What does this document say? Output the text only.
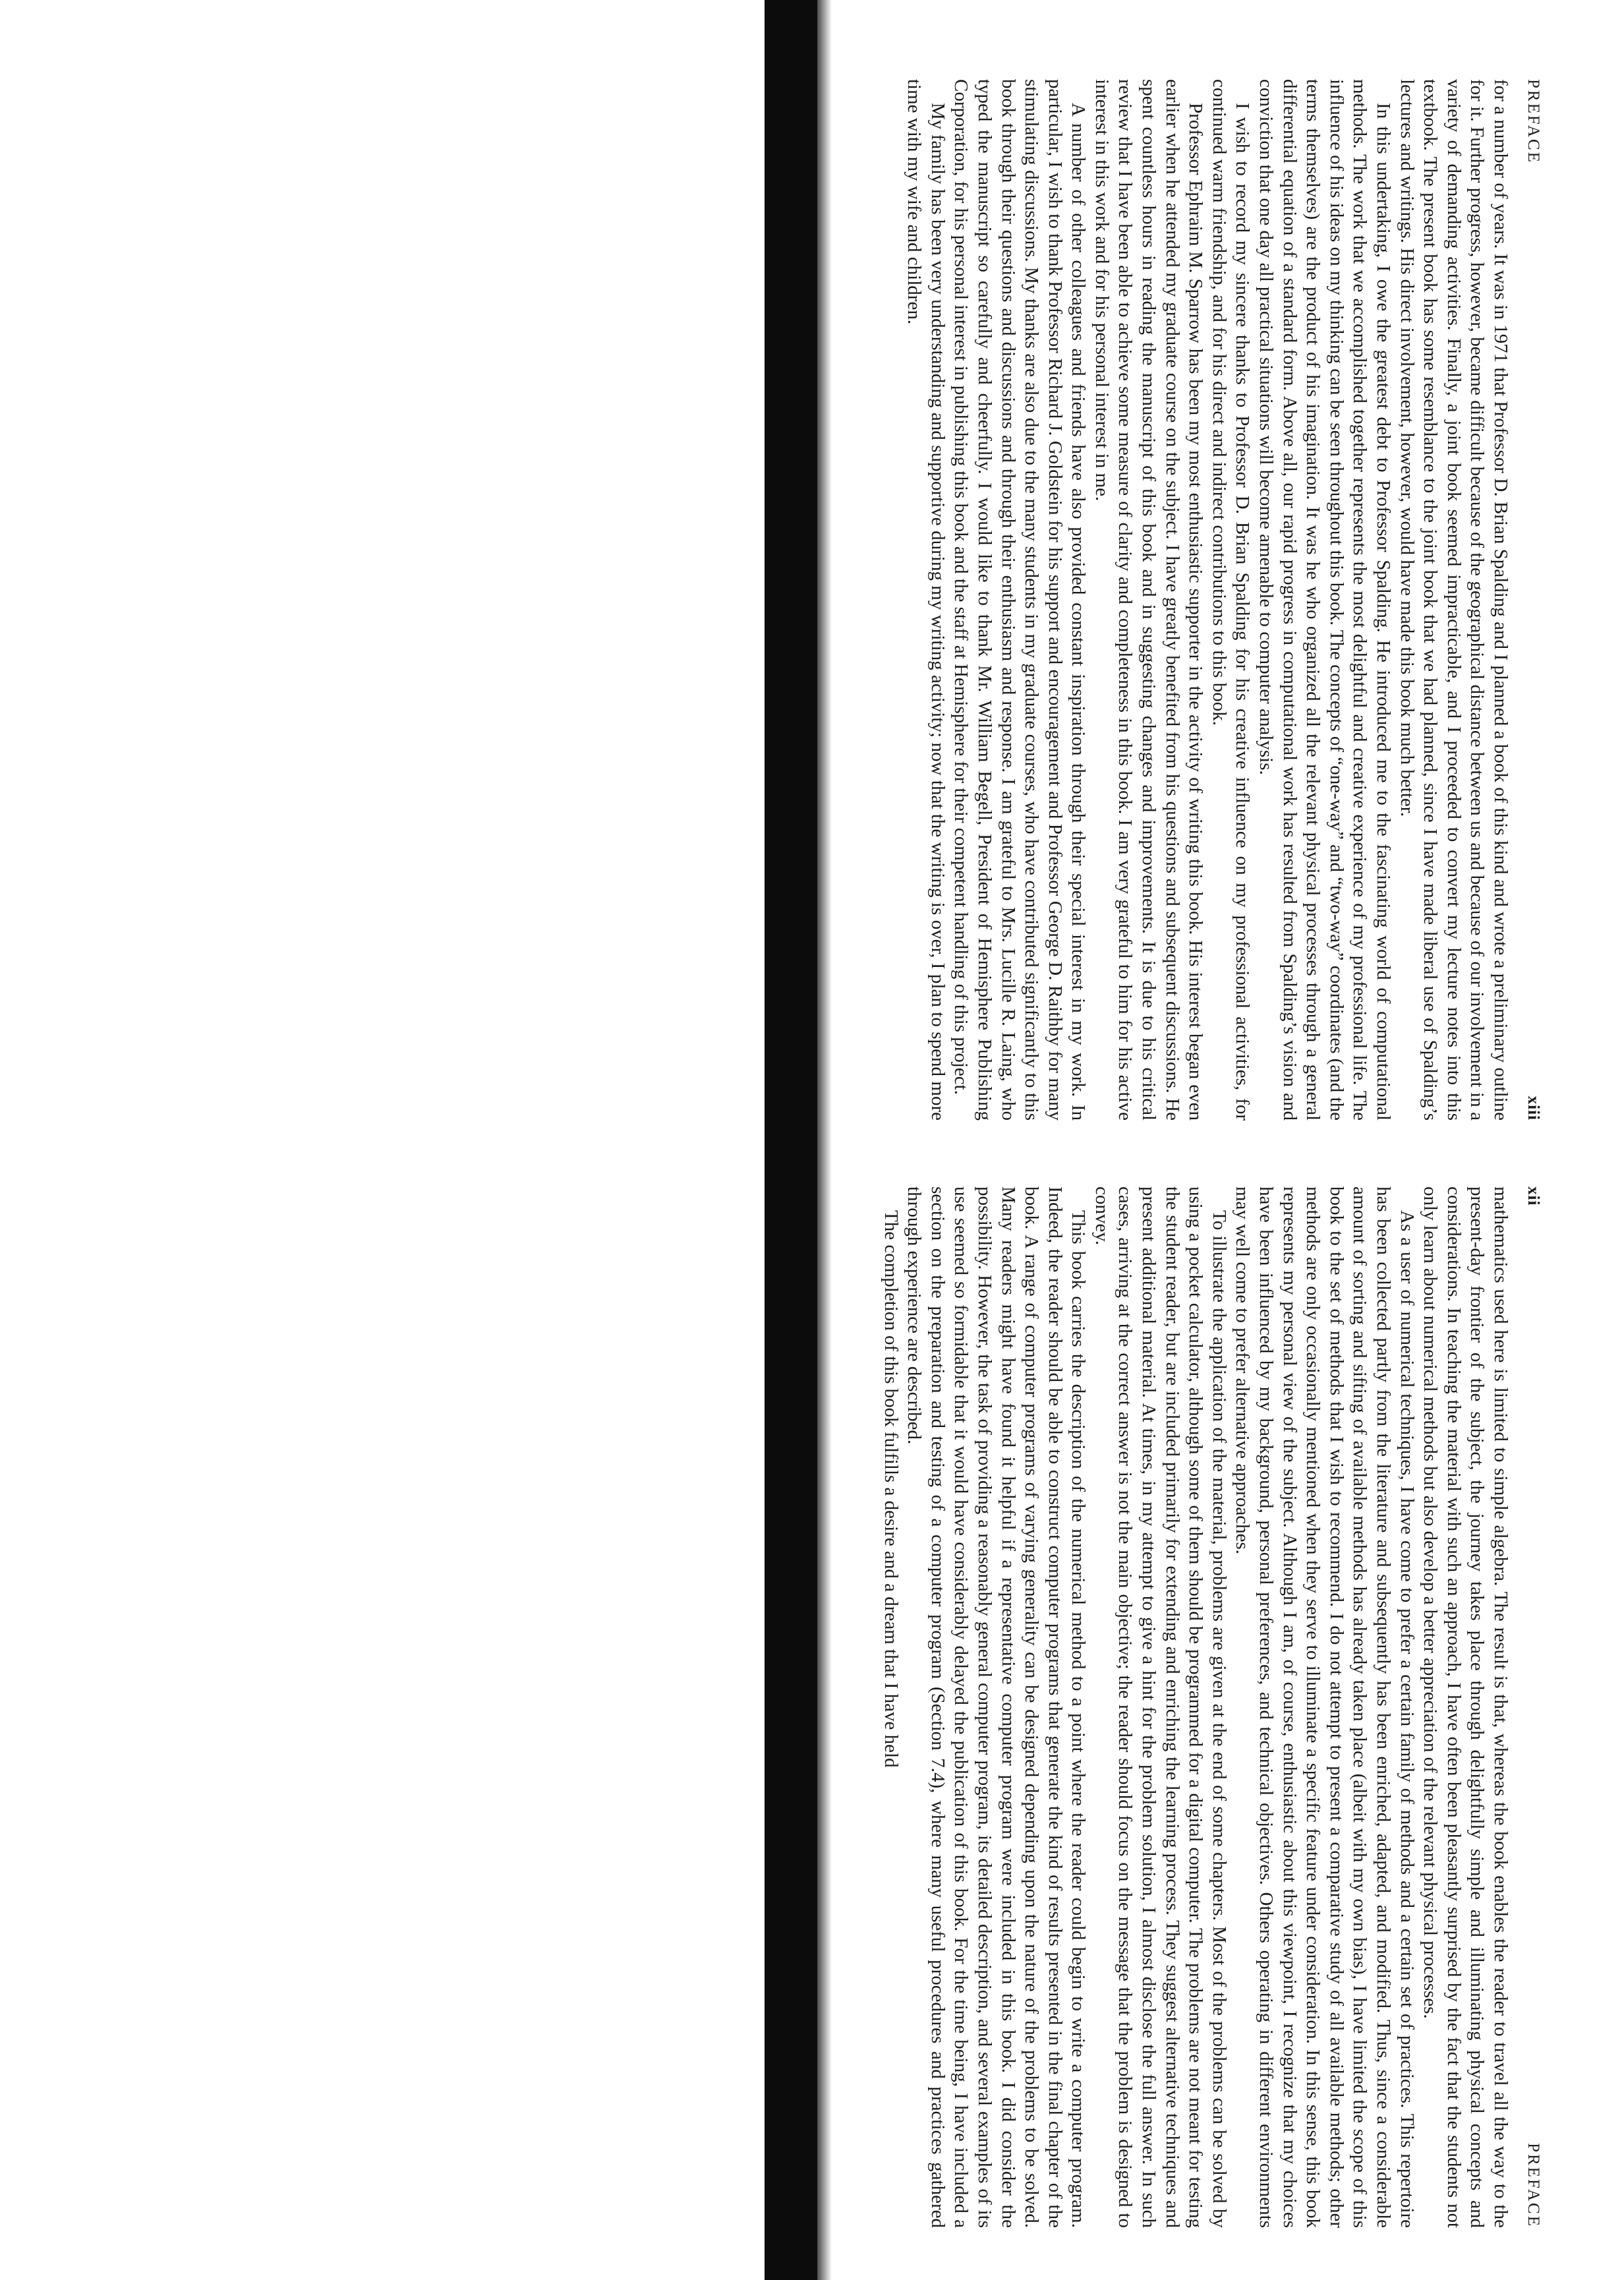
xii
PREFACE

mathematics used here is limited to simple algebra. The result is that, whereas the book enables the reader to travel all the way to the present-day frontier of the subject, the journey takes place through delightfully simple and illuminating physical concepts and considerations. In teaching the material with such an approach, I have often been pleasantly surprised by the fact that the students not only learn about numerical methods but also develop a better appreciation of the relevant physical processes.

As a user of numerical techniques, I have come to prefer a certain family of methods and a certain set of practices. This repertoire has been collected partly from the literature and subsequently has been enriched, adapted, and modified. Thus, since a considerable amount of sorting and sifting of available methods has already taken place (albeit with my own bias), I have limited the scope of this book to the set of methods that I wish to recommend. I do not attempt to present a comparative study of all available methods; other methods are only occasionally mentioned when they serve to illuminate a specific feature under consideration. In this sense, this book represents my personal view of the subject. Although I am, of course, enthusiastic about this viewpoint, I recognize that my choices have been influenced by my background, personal preferences, and technical objectives. Others operating in different environments may well come to prefer alternative approaches.

To illustrate the application of the material, problems are given at the end of some chapters. Most of the problems can be solved by using a pocket calculator, although some of them should be programmed for a digital computer. The problems are not meant for testing the student reader, but are included primarily for extending and enriching the learning process. They suggest alternative techniques and present additional material. At times, in my attempt to give a hint for the problem solution, I almost disclose the full answer. In such cases, arriving at the correct answer is not the main objective; the reader should focus on the message that the problem is designed to convey.

This book carries the description of the numerical method to a point where the reader could begin to write a computer program. Indeed, the reader should be able to construct computer programs that generate the kind of results presented in the final chapter of the book. A range of computer programs of varying generality can be designed depending upon the nature of the problems to be solved. Many readers might have found it helpful if a representative computer program were included in this book. I did consider the possibility. However, the task of providing a reasonably general computer program, its detailed description, and several examples of its use seemed so formidable that it would have considerably delayed the publication of this book. For the time being, I have included a section on the preparation and testing of a computer program (Section 7.4), where many useful procedures and practices gathered through experience are described.

The completion of this book fulfills a desire and a dream that I have held

PREFACE
xiii

for a number of years. It was in 1971 that Professor D. Brian Spalding and I planned a book of this kind and wrote a preliminary outline for it. Further progress, however, became difficult because of the geographical distance between us and because of our involvement in a variety of demanding activities. Finally, a joint book seemed impracticable, and I proceeded to convert my lecture notes into this textbook. The present book has some resemblance to the joint book that we had planned, since I have made liberal use of Spalding’s lectures and writings. His direct involvement, however, would have made this book much better.

In this undertaking, I owe the greatest debt to Professor Spalding. He introduced me to the fascinating world of computational methods. The work that we accomplished together represents the most delightful and creative experience of my professional life. The influence of his ideas on my thinking can be seen throughout this book. The concepts of “one-way” and “two-way” coordinates (and the terms themselves) are the product of his imagination. It was he who organized all the relevant physical processes through a general differential equation of a standard form. Above all, our rapid progress in computational work has resulted from Spalding’s vision and conviction that one day all practical situations will become amenable to computer analysis.

I wish to record my sincere thanks to Professor D. Brian Spalding for his creative influence on my professional activities, for continued warm friendship, and for his direct and indirect contributions to this book.

Professor Ephraim M. Sparrow has been my most enthusiastic supporter in the activity of writing this book. His interest began even earlier when he attended my graduate course on the subject. I have greatly benefited from his questions and subsequent discussions. He spent countless hours in reading the manuscript of this book and in suggesting changes and improvements. It is due to his critical review that I have been able to achieve some measure of clarity and completeness in this book. I am very grateful to him for his active interest in this work and for his personal interest in me.

A number of other colleagues and friends have also provided constant inspiration through their special interest in my work. In particular, I wish to thank Professor Richard J. Goldstein for his support and encouragement and Professor George D. Raithby for many stimulating discussions. My thanks are also due to the many students in my graduate courses, who have contributed significantly to this book through their questions and discussions and through their enthusiasm and response. I am grateful to Mrs. Lucille R. Laing, who typed the manuscript so carefully and cheerfully. I would like to thank Mr. William Begell, President of Hemisphere Publishing Corporation, for his personal interest in publishing this book and the staff at Hemisphere for their competent handling of this project.

My family has been very understanding and supportive during my writing activity; now that the writing is over, I plan to spend more time with my wife and children.
